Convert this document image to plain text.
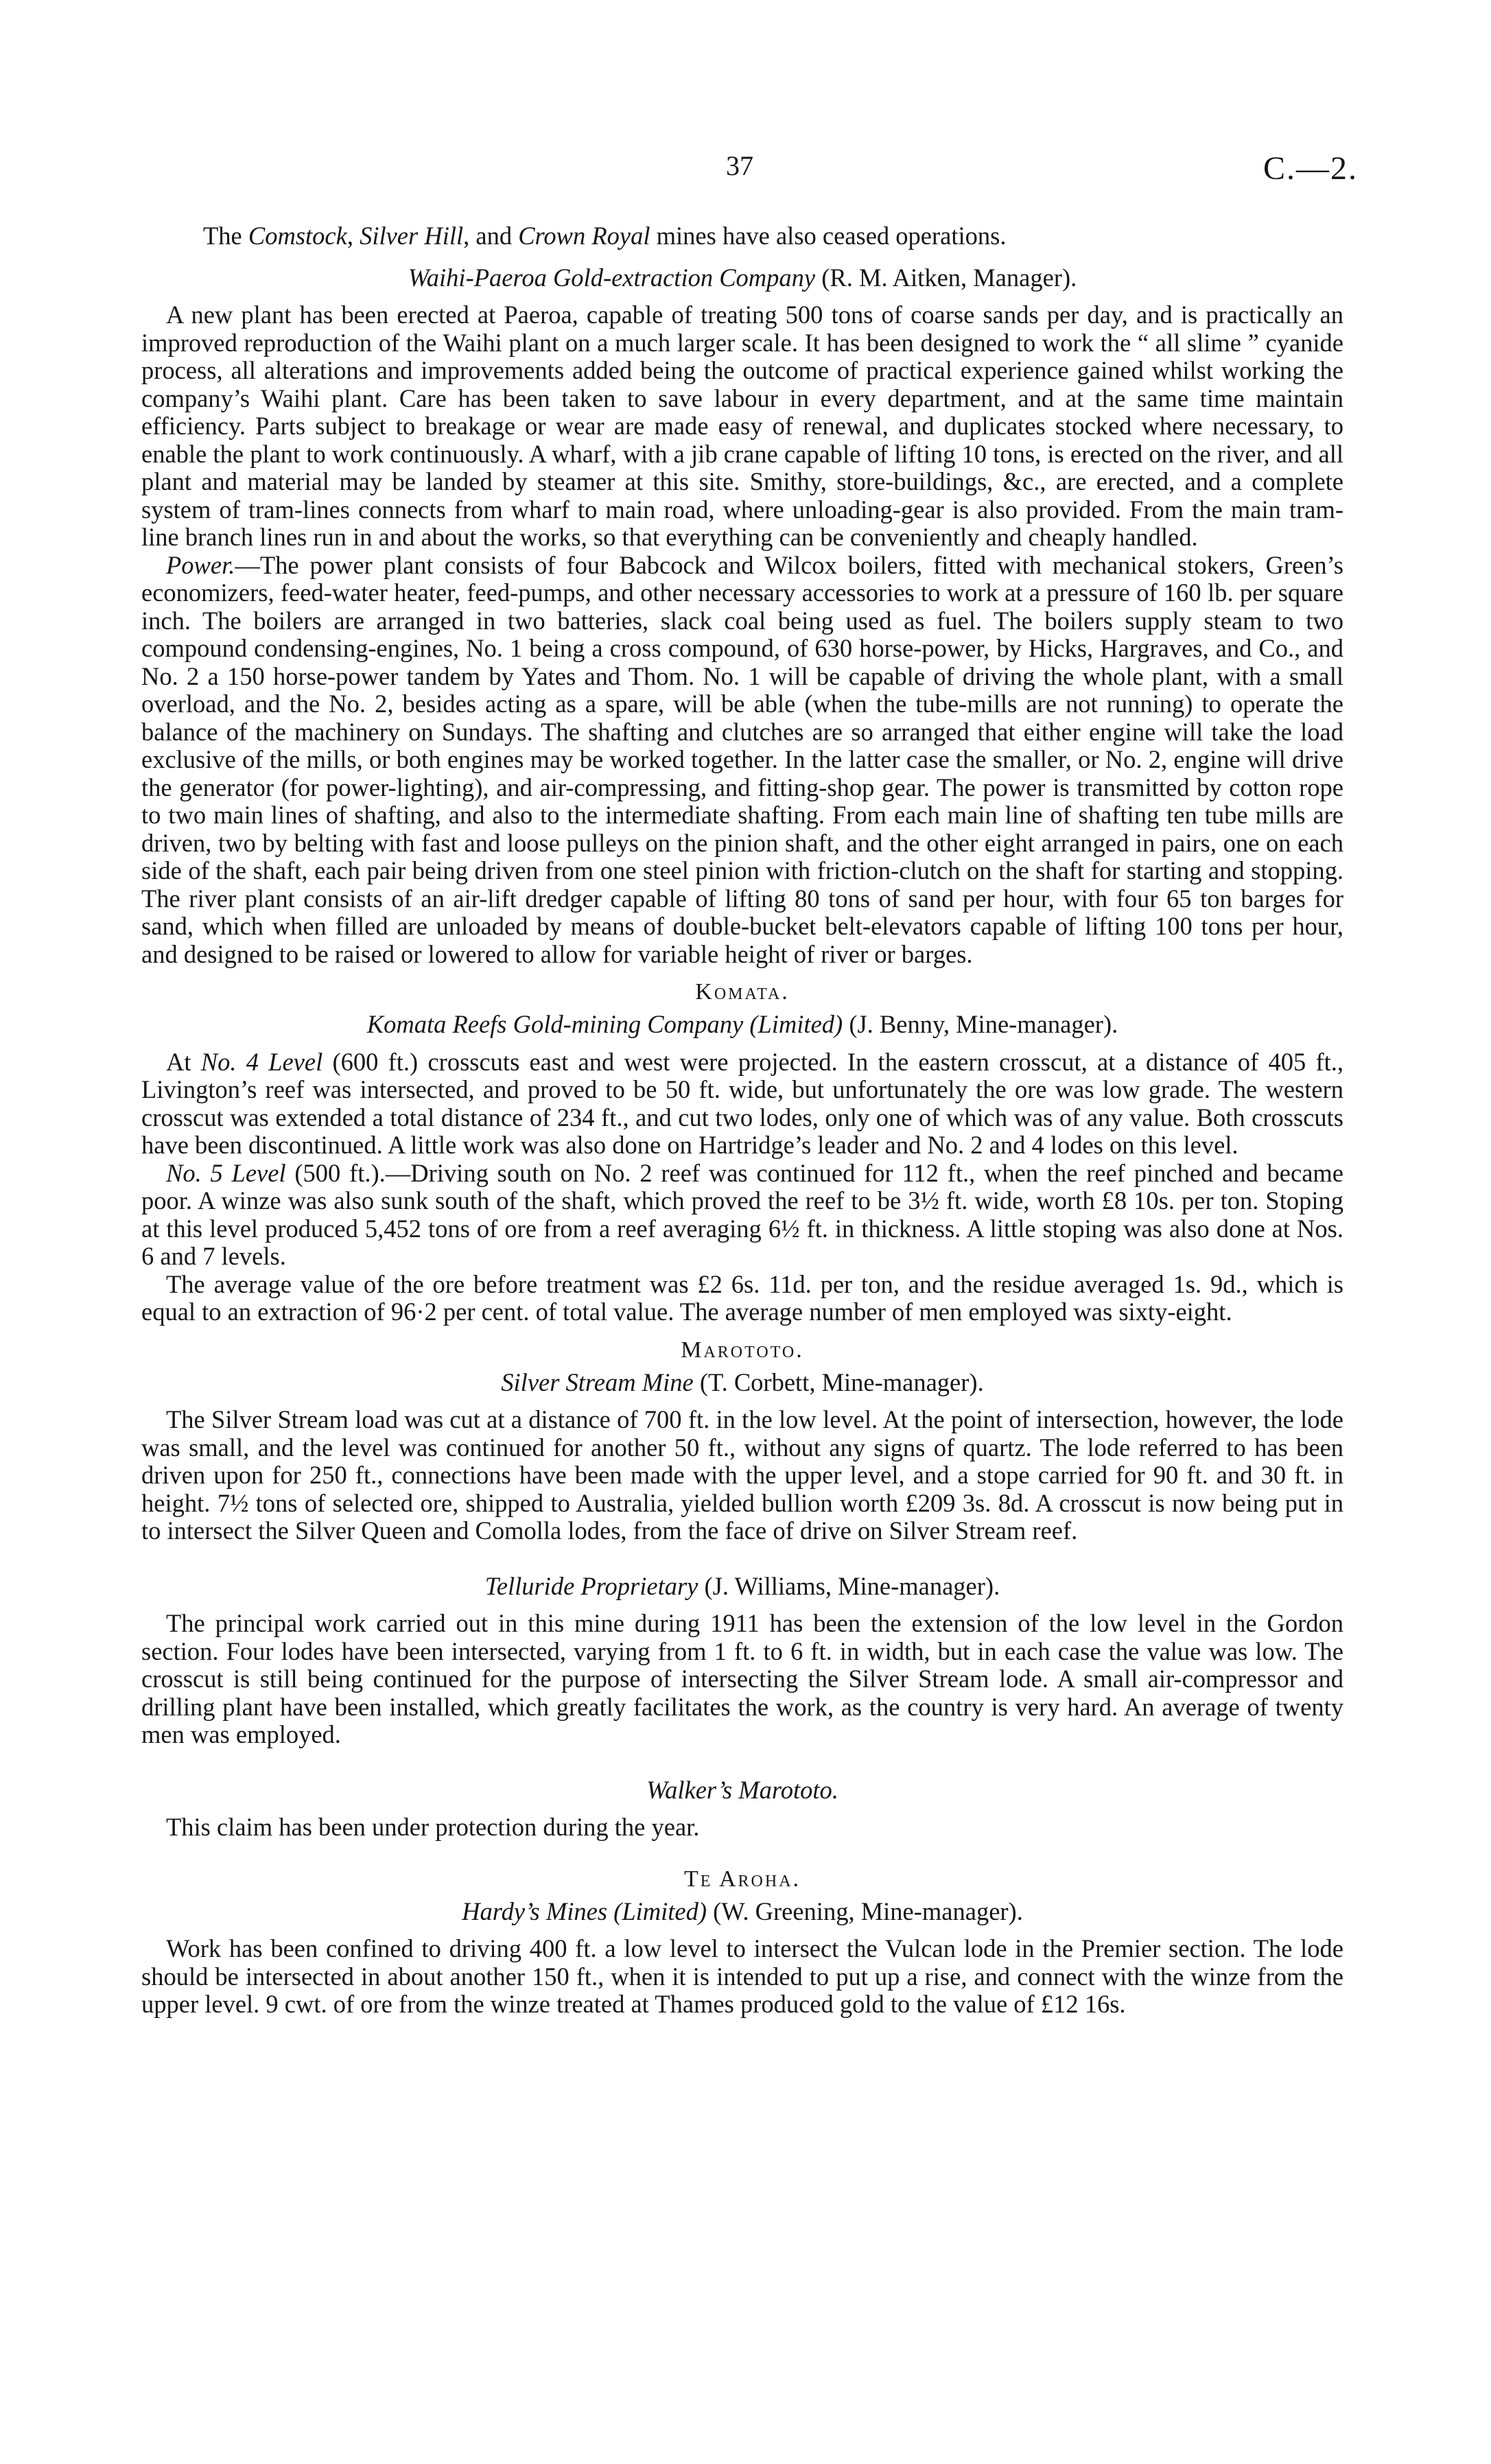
37	C.—2.

The Comstock, Silver Hill, and Crown Royal mines have also ceased operations.

Waihi-Paeroa Gold-extraction Company (R. M. Aitken, Manager).

A new plant has been erected at Paeroa, capable of treating 500 tons of coarse sands per day, and is practically an improved reproduction of the Waihi plant on a much larger scale. It has been designed to work the “ all slime ” cyanide process, all alterations and improvements added being the outcome of practical experience gained whilst working the company’s Waihi plant. Care has been taken to save labour in every department, and at the same time maintain efficiency. Parts subject to breakage or wear are made easy of renewal, and duplicates stocked where necessary, to enable the plant to work continuously. A wharf, with a jib crane capable of lifting 10 tons, is erected on the river, and all plant and material may be landed by steamer at this site. Smithy, store-buildings, &c., are erected, and a complete system of tram-lines connects from wharf to main road, where unloading-gear is also provided. From the main tram-line branch lines run in and about the works, so that everything can be conveniently and cheaply handled.

Power.—The power plant consists of four Babcock and Wilcox boilers, fitted with mechanical stokers, Green’s economizers, feed-water heater, feed-pumps, and other necessary accessories to work at a pressure of 160 lb. per square inch. The boilers are arranged in two batteries, slack coal being used as fuel. The boilers supply steam to two compound condensing-engines, No. 1 being a cross compound, of 630 horse-power, by Hicks, Hargraves, and Co., and No. 2 a 150 horse-power tandem by Yates and Thom. No. 1 will be capable of driving the whole plant, with a small overload, and the No. 2, besides acting as a spare, will be able (when the tube-mills are not running) to operate the balance of the machinery on Sundays. The shafting and clutches are so arranged that either engine will take the load exclusive of the mills, or both engines may be worked together. In the latter case the smaller, or No. 2, engine will drive the generator (for power-lighting), and air-compressing, and fitting-shop gear. The power is transmitted by cotton rope to two main lines of shafting, and also to the intermediate shafting. From each main line of shafting ten tube mills are driven, two by belting with fast and loose pulleys on the pinion shaft, and the other eight arranged in pairs, one on each side of the shaft, each pair being driven from one steel pinion with friction-clutch on the shaft for starting and stopping. The river plant consists of an air-lift dredger capable of lifting 80 tons of sand per hour, with four 65 ton barges for sand, which when filled are unloaded by means of double-bucket belt-elevators capable of lifting 100 tons per hour, and designed to be raised or lowered to allow for variable height of river or barges.

Komata.

Komata Reefs Gold-mining Company (Limited) (J. Benny, Mine-manager).

At No. 4 Level (600 ft.) crosscuts east and west were projected. In the eastern crosscut, at a distance of 405 ft., Livington’s reef was intersected, and proved to be 50 ft. wide, but unfortunately the ore was low grade. The western crosscut was extended a total distance of 234 ft., and cut two lodes, only one of which was of any value. Both crosscuts have been discontinued. A little work was also done on Hartridge’s leader and No. 2 and 4 lodes on this level.

No. 5 Level (500 ft.).—Driving south on No. 2 reef was continued for 112 ft., when the reef pinched and became poor. A winze was also sunk south of the shaft, which proved the reef to be 3½ ft. wide, worth £8 10s. per ton. Stoping at this level produced 5,452 tons of ore from a reef averaging 6½ ft. in thickness. A little stoping was also done at Nos. 6 and 7 levels.

The average value of the ore before treatment was £2 6s. 11d. per ton, and the residue averaged 1s. 9d., which is equal to an extraction of 96·2 per cent. of total value. The average number of men employed was sixty-eight.

Marototo.

Silver Stream Mine (T. Corbett, Mine-manager).

The Silver Stream load was cut at a distance of 700 ft. in the low level. At the point of intersection, however, the lode was small, and the level was continued for another 50 ft., without any signs of quartz. The lode referred to has been driven upon for 250 ft., connections have been made with the upper level, and a stope carried for 90 ft. and 30 ft. in height. 7½ tons of selected ore, shipped to Australia, yielded bullion worth £209 3s. 8d. A crosscut is now being put in to intersect the Silver Queen and Comolla lodes, from the face of drive on Silver Stream reef.

Telluride Proprietary (J. Williams, Mine-manager).

The principal work carried out in this mine during 1911 has been the extension of the low level in the Gordon section. Four lodes have been intersected, varying from 1 ft. to 6 ft. in width, but in each case the value was low. The crosscut is still being continued for the purpose of intersecting the Silver Stream lode. A small air-compressor and drilling plant have been installed, which greatly facilitates the work, as the country is very hard. An average of twenty men was employed.

Walker’s Marototo.

This claim has been under protection during the year.

Te Aroha.

Hardy’s Mines (Limited) (W. Greening, Mine-manager).

Work has been confined to driving 400 ft. a low level to intersect the Vulcan lode in the Premier section. The lode should be intersected in about another 150 ft., when it is intended to put up a rise, and connect with the winze from the upper level. 9 cwt. of ore from the winze treated at Thames produced gold to the value of £12 16s.
